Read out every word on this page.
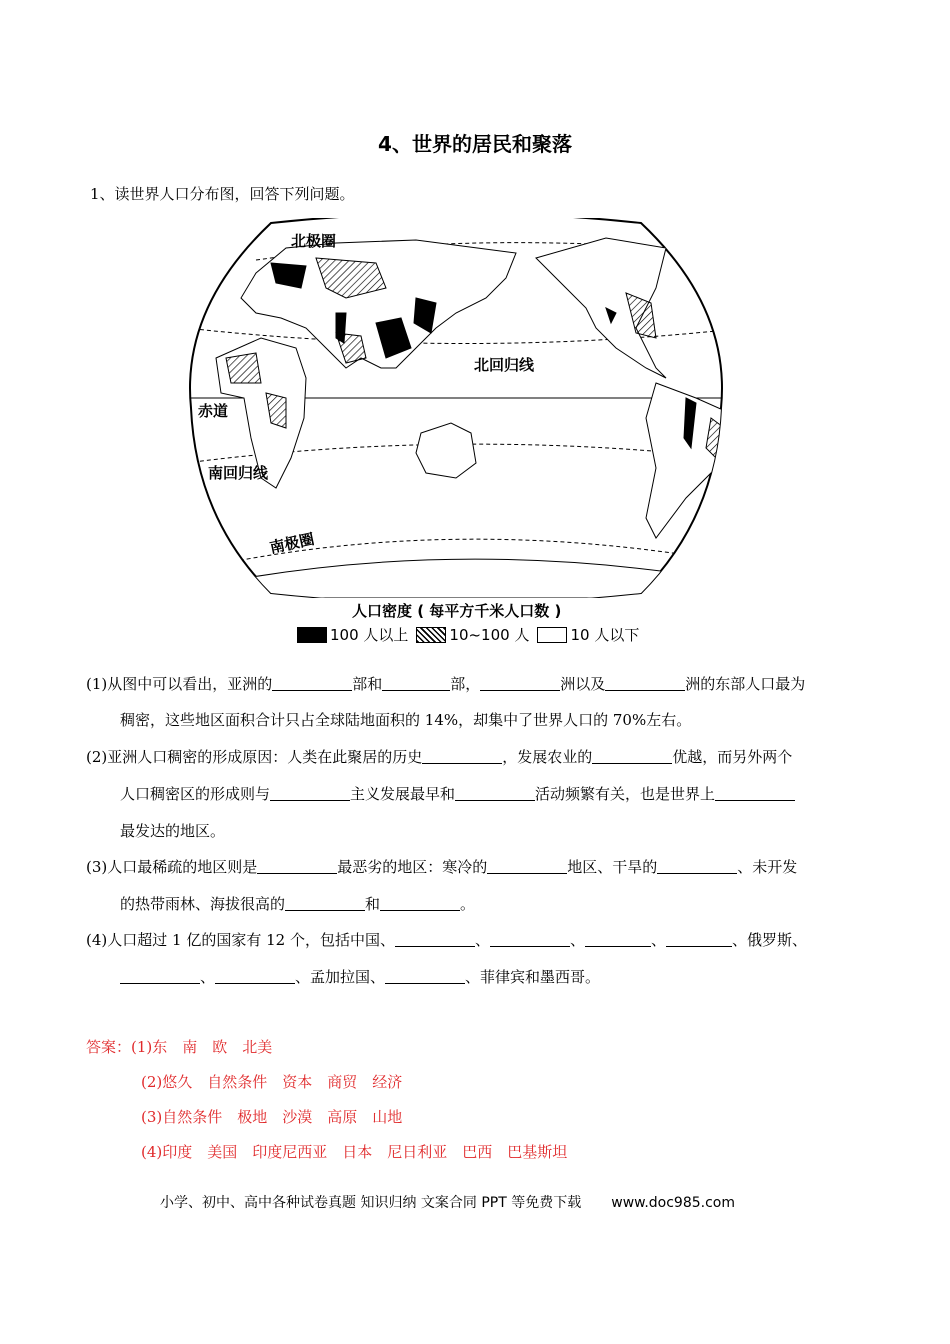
4、世界的居民和聚落
1、读世界人口分布图，回答下列问题。
北极圈
北回归线
赤道
南回归线
南极圈
人口密度 ( 每平方千米人口数 )
100 人以上	10~100 人	10 人以下
(1)从图中可以看出，亚洲的	部和	部，	洲以及	洲的东部人口最为
稠密，这些地区面积合计只占全球陆地面积的 14%，却集中了世界人口的 70%左右。
(2)亚洲人口稠密的形成原因：人类在此聚居的历史	，发展农业的	优越，而另外两个
人口稠密区的形成则与	主义发展最早和	活动频繁有关，也是世界上
最发达的地区。
(3)人口最稀疏的地区则是	最恶劣的地区：寒冷的	地区、干旱的	、未开发
的热带雨林、海拔很高的	和	。
(4)人口超过 1 亿的国家有 12 个，包括中国、	、	、	、	、俄罗斯、
、	、孟加拉国、	、菲律宾和墨西哥。
答案：(1)东　南　欧　北美
(2)悠久　自然条件　资本　商贸　经济
(3)自然条件　极地　沙漠　高原　山地
(4)印度　美国　印度尼西亚　日本　尼日利亚　巴西　巴基斯坦
小学、初中、高中各种试卷真题 知识归纳 文案合同 PPT 等免费下载 www.doc985.com
